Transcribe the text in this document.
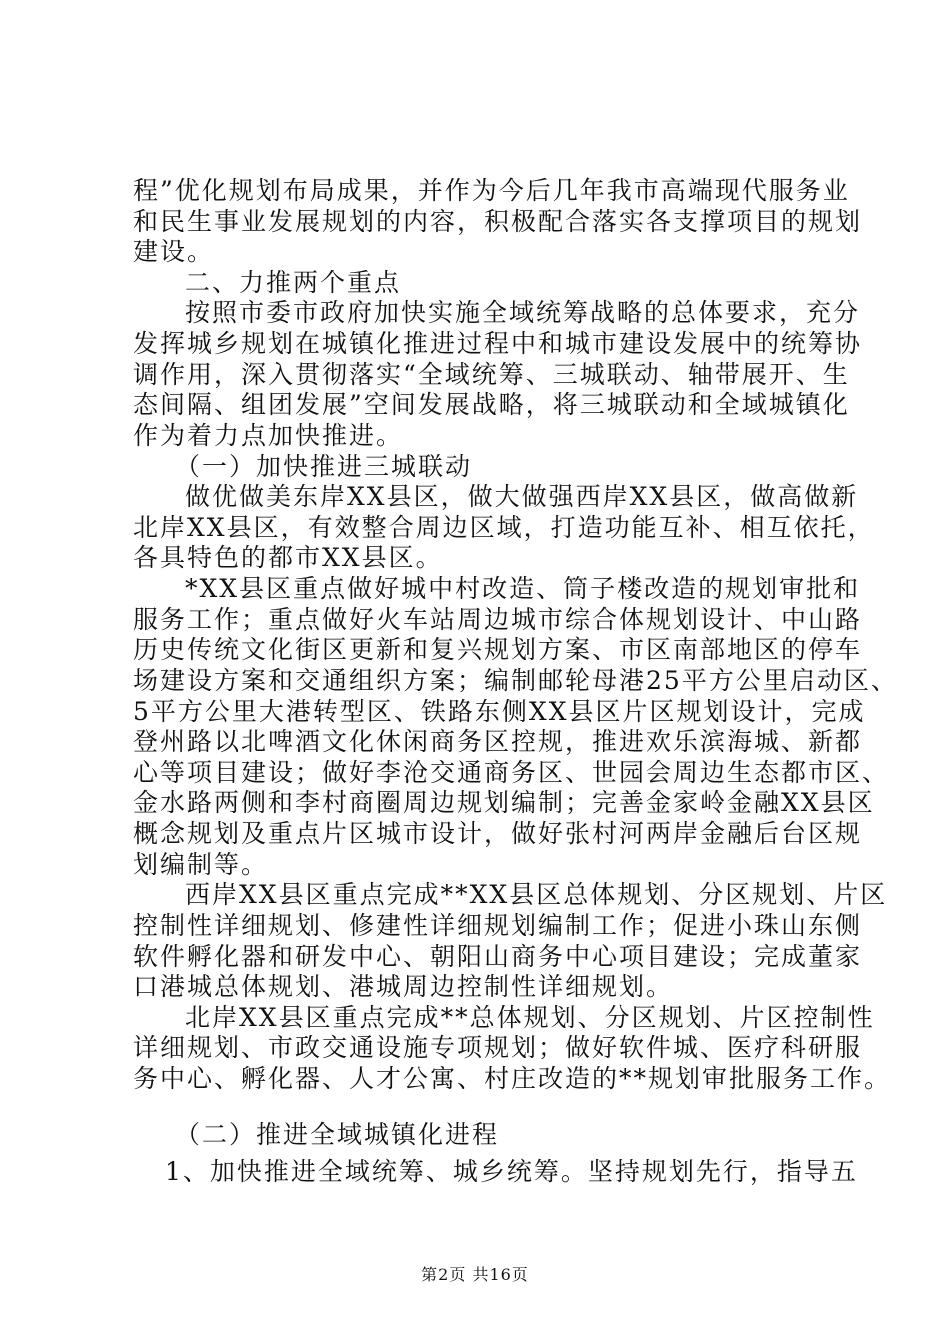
程”优化规划布局成果，并作为今后几年我市高端现代服务业
和民生事业发展规划的内容，积极配合落实各支撑项目的规划
建设。
二、力推两个重点
按照市委市政府加快实施全域统筹战略的总体要求，充分
发挥城乡规划在城镇化推进过程中和城市建设发展中的统筹协
调作用，深入贯彻落实“全域统筹、三城联动、轴带展开、生
态间隔、组团发展”空间发展战略，将三城联动和全域城镇化
作为着力点加快推进。
（一）加快推进三城联动
做优做美东岸XX县区，做大做强西岸XX县区，做高做新
北岸XX县区，有效整合周边区域，打造功能互补、相互依托，
各具特色的都市XX县区。
*XX县区重点做好城中村改造、筒子楼改造的规划审批和
服务工作；重点做好火车站周边城市综合体规划设计、中山路
历史传统文化街区更新和复兴规划方案、市区南部地区的停车
场建设方案和交通组织方案；编制邮轮母港25平方公里启动区、
5平方公里大港转型区、铁路东侧XX县区片区规划设计，完成
登州路以北啤酒文化休闲商务区控规，推进欢乐滨海城、新都
心等项目建设；做好李沧交通商务区、世园会周边生态都市区、
金水路两侧和李村商圈周边规划编制；完善金家岭金融XX县区
概念规划及重点片区城市设计，做好张村河两岸金融后台区规
划编制等。
西岸XX县区重点完成**XX县区总体规划、分区规划、片区
控制性详细规划、修建性详细规划编制工作；促进小珠山东侧
软件孵化器和研发中心、朝阳山商务中心项目建设；完成董家
口港城总体规划、港城周边控制性详细规划。
北岸XX县区重点完成**总体规划、分区规划、片区控制性
详细规划、市政交通设施专项规划；做好软件城、医疗科研服
务中心、孵化器、人才公寓、村庄改造的**规划审批服务工作。
（二）推进全域城镇化进程
1、加快推进全域统筹、城乡统筹。坚持规划先行，指导五
第2页 共16页
